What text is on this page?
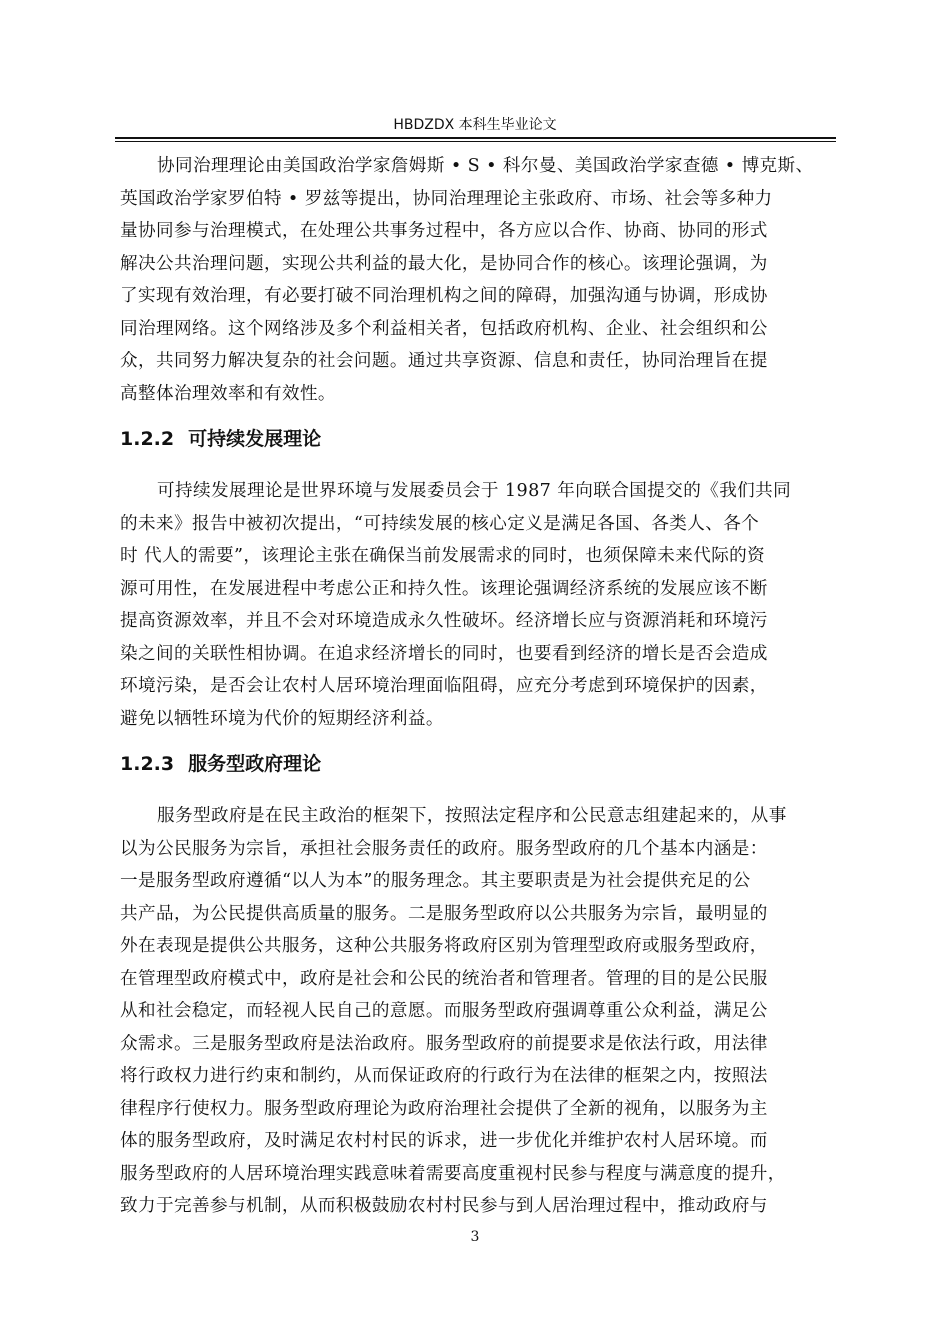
HBDZDX 本科生毕业论文
协同治理理论由美国政治学家詹姆斯 • S • 科尔曼、美国政治学家查德 • 博克斯、
英国政治学家罗伯特 • 罗兹等提出，协同治理理论主张政府、市场、社会等多种力
量协同参与治理模式，在处理公共事务过程中，各方应以合作、协商、协同的形式
解决公共治理问题，实现公共利益的最大化，是协同合作的核心。该理论强调，为
了实现有效治理，有必要打破不同治理机构之间的障碍，加强沟通与协调，形成协
同治理网络。这个网络涉及多个利益相关者，包括政府机构、企业、社会组织和公
众，共同努力解决复杂的社会问题。通过共享资源、信息和责任，协同治理旨在提
高整体治理效率和有效性。
1.2.2 可持续发展理论
可持续发展理论是世界环境与发展委员会于 1987 年向联合国提交的《我们共同
的未来》报告中被初次提出，“可持续发展的核心定义是满足各国、各类人、各个
时 代人的需要”，该理论主张在确保当前发展需求的同时，也须保障未来代际的资
源可用性，在发展进程中考虑公正和持久性。该理论强调经济系统的发展应该不断
提高资源效率，并且不会对环境造成永久性破坏。经济增长应与资源消耗和环境污
染之间的关联性相协调。在追求经济增长的同时，也要看到经济的增长是否会造成
环境污染，是否会让农村人居环境治理面临阻碍，应充分考虑到环境保护的因素，
避免以牺牲环境为代价的短期经济利益。
1.2.3 服务型政府理论
服务型政府是在民主政治的框架下，按照法定程序和公民意志组建起来的，从事
以为公民服务为宗旨，承担社会服务责任的政府。服务型政府的几个基本内涵是：
一是服务型政府遵循“以人为本”的服务理念。其主要职责是为社会提供充足的公
共产品，为公民提供高质量的服务。二是服务型政府以公共服务为宗旨，最明显的
外在表现是提供公共服务，这种公共服务将政府区别为管理型政府或服务型政府，
在管理型政府模式中，政府是社会和公民的统治者和管理者。管理的目的是公民服
从和社会稳定，而轻视人民自己的意愿。而服务型政府强调尊重公众利益，满足公
众需求。三是服务型政府是法治政府。服务型政府的前提要求是依法行政，用法律
将行政权力进行约束和制约，从而保证政府的行政行为在法律的框架之内，按照法
律程序行使权力。服务型政府理论为政府治理社会提供了全新的视角，以服务为主
体的服务型政府，及时满足农村村民的诉求，进一步优化并维护农村人居环境。而
服务型政府的人居环境治理实践意味着需要高度重视村民参与程度与满意度的提升，
致力于完善参与机制，从而积极鼓励农村村民参与到人居治理过程中，推动政府与
3
